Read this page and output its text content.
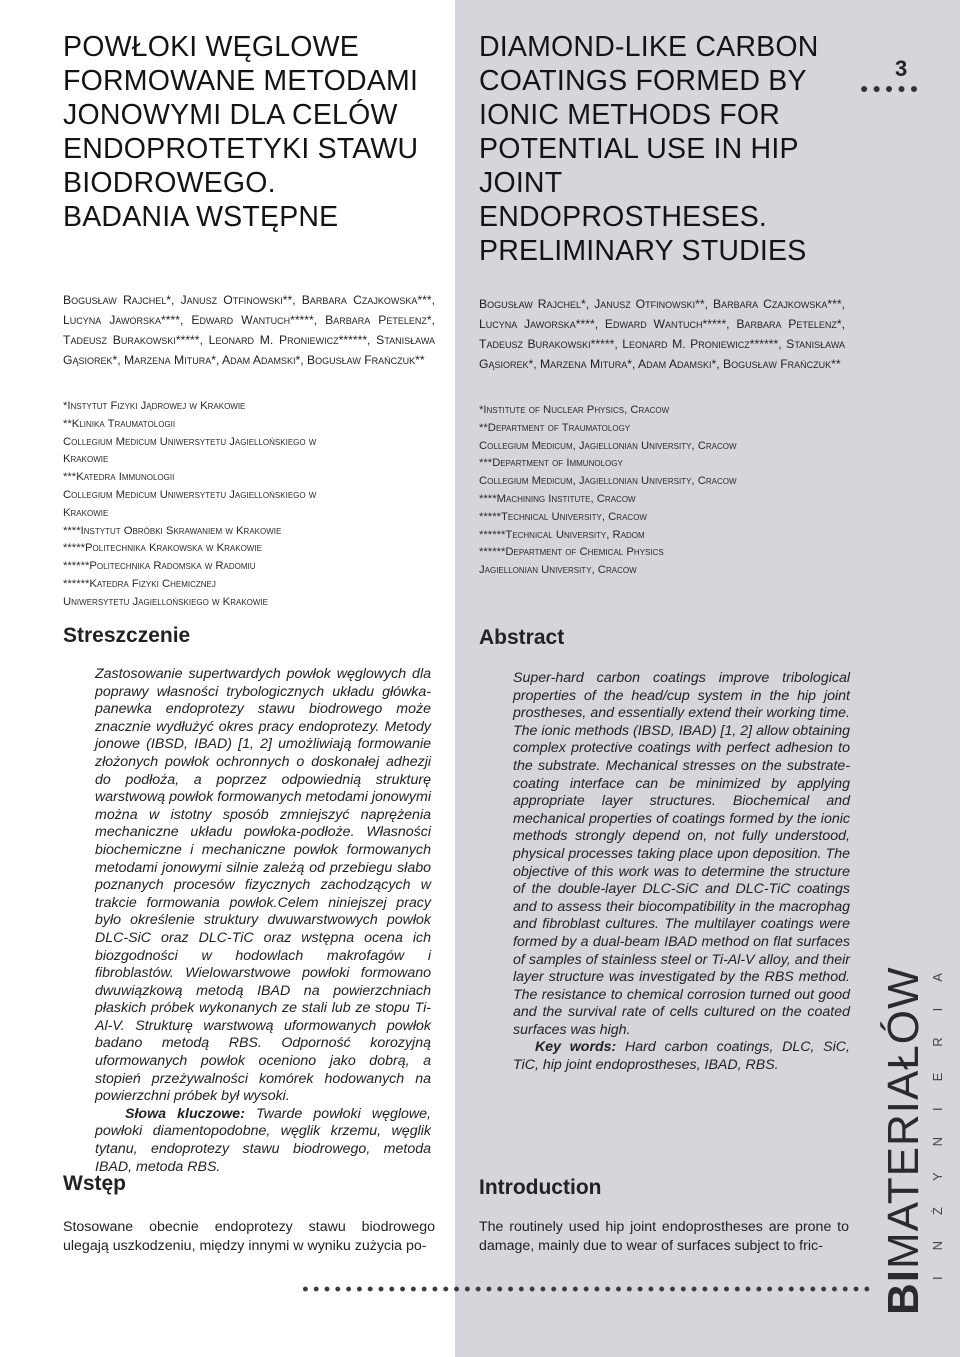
POWŁOKI WĘGLOWE
FORMOWANE METODAMI
JONOWYMI DLA CELÓW
ENDOPROTETYKI STAWU
BIODROWEGO.
BADANIA WSTĘPNE
Bogusław Rajchel*, Janusz Otfinowski**, Barbara Czajkowska***, Lucyna Jaworska****, Edward Wantuch*****, Barbara Petelenz*, Tadeusz Burakowski*****, Leonard M. Proniewicz******, Stanisława Gąsiorek*, Marzena Mitura*, Adam Adamski*, Bogusław Frańczuk**
*Instytut Fizyki Jądrowej w Krakowie
**Klinika Traumatologii
Collegium Medicum Uniwersytetu Jagiellońskiego w
Krakowie
***Katedra Immunologii
Collegium Medicum Uniwersytetu Jagiellońskiego w
Krakowie
****Instytut Obróbki Skrawaniem w Krakowie
*****Politechnika Krakowska w Krakowie
******Politechnika Radomska w Radomiu
******Katedra Fizyki Chemicznej
Uniwersytetu Jagiellońskiego w Krakowie
Streszczenie

Zastosowanie supertwardych powłok węglowych dla poprawy własności trybologicznych układu główka-panewka endoprotezy stawu biodrowego może znacznie wydłużyć okres pracy endoprotezy. Metody jonowe (IBSD, IBAD) [1, 2] umożliwiają formowanie złożonych powłok ochronnych o doskonałej adhezji do podłoża, a poprzez odpowiednią strukturę warstwową powłok formowanych metodami jonowymi można w istotny sposób zmniejszyć naprężenia mechaniczne układu powłoka-podłoże. Własności biochemiczne i mechaniczne powłok formowanych metodami jonowymi silnie zależą od przebiegu słabo poznanych procesów fizycznych zachodzących w trakcie formowania powłok.Celem niniejszej pracy było określenie struktury dwuwarstwowych powłok DLC-SiC oraz DLC-TiC oraz wstępna ocena ich biozgodności w hodowlach makrofagów i fibroblastów. Wielowarstwowe powłoki formowano dwuwiązkową metodą IBAD na powierzchniach płaskich próbek wykonanych ze stali lub ze stopu Ti-Al-V. Strukturę warstwową uformowanych powłok badano metodą RBS. Odporność korozyjną uformowanych powłok oceniono jako dobrą, a stopień przeżywalności komórek hodowanych na powierzchni próbek był wysoki.

Słowa kluczowe: Twarde powłoki węglowe, powłoki diamentopodobne, węglik krzemu, węglik tytanu, endoprotezy stawu biodrowego, metoda IBAD, metoda RBS.

Wstęp
Stosowane obecnie endoprotezy stawu biodrowego ulegają uszkodzeniu, między innymi w wyniku zużycia po-
DIAMOND-LIKE CARBON
COATINGS FORMED BY
IONIC METHODS FOR
POTENTIAL USE IN HIP
JOINT
ENDOPROSTHESES.
PRELIMINARY STUDIES
3
●●●●●
Bogusław Rajchel*, Janusz Otfinowski**, Barbara Czajkowska***, Lucyna Jaworska****, Edward Wantuch*****, Barbara Petelenz*, Tadeusz Burakowski*****, Leonard M. Proniewicz******, Stanisława Gąsiorek*, Marzena Mitura*, Adam Adamski*, Bogusław Frańczuk**
*Institute of Nuclear Physics, Cracow
**Department of Traumatology
Collegium Medicum, Jagiellonian University, Cracow
***Department of Immunology
Collegium Medicum, Jagiellonian University, Cracow
****Machining Institute, Cracow
*****Technical University, Cracow
******Technical University, Radom
******Department of Chemical Physics
Jagiellonian University, Cracow
Abstract

Super-hard carbon coatings improve tribological properties of the head/cup system in the hip joint prostheses, and essentially extend their working time. The ionic methods (IBSD, IBAD) [1, 2] allow obtaining complex protective coatings with perfect adhesion to the substrate. Mechanical stresses on the substrate-coating interface can be minimized by applying appropriate layer structures. Biochemical and mechanical properties of coatings formed by the ionic methods strongly depend on, not fully understood, physical processes taking place upon deposition. The objective of this work was to determine the structure of the double-layer DLC-SiC and DLC-TiC coatings and to assess their biocompatibility in the macrophag and fibroblast cultures. The multilayer coatings were formed by a dual-beam IBAD method on flat surfaces of samples of stainless steel or Ti-Al-V alloy, and their layer structure was investigated by the RBS method. The resistance to chemical corrosion turned out good and the survival rate of cells cultured on the coated surfaces was high.

Key words: Hard carbon coatings, DLC, SiC, TiC, hip joint endoprostheses, IBAD, RBS.

Introduction
The routinely used hip joint endoprostheses are prone to damage, mainly due to wear of surfaces subject to fric-
BIMATERIAŁÓW INŻYNIERIA
